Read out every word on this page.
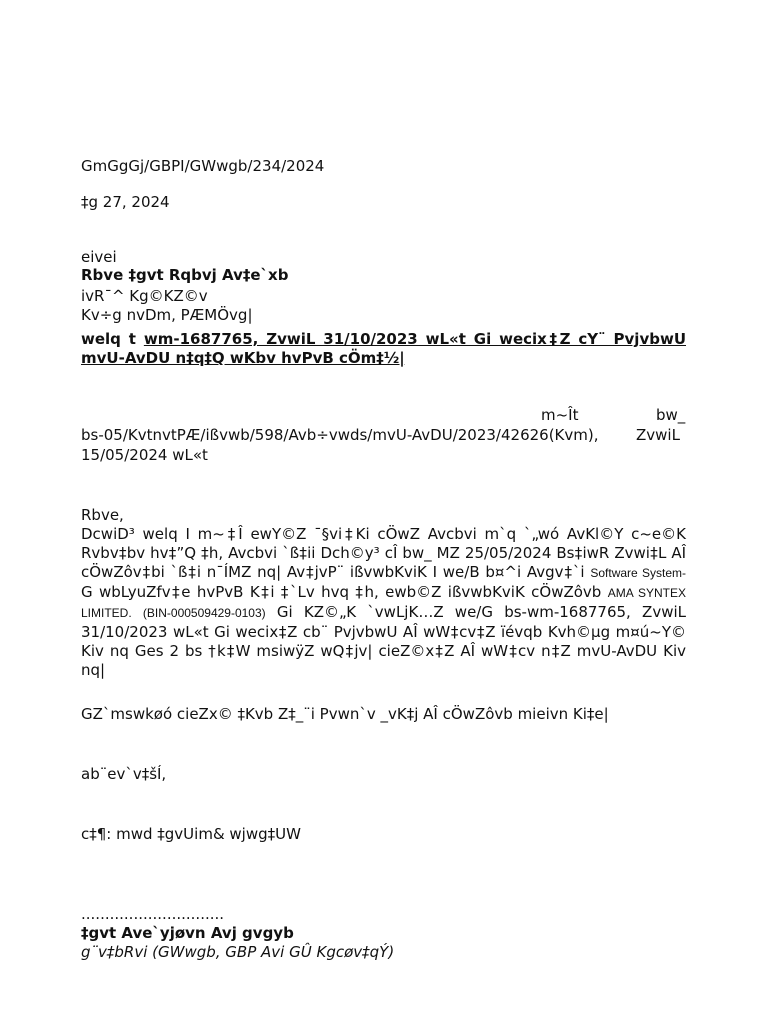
GmGgGj/GBPI/GWwgb/234/2024
‡g 27, 2024
eivei
Rbve ‡gvt Rqbvj Av‡e`xb
ivR¯^ Kg©KZ©v
Kv÷g nvDm, PÆMÖvg|
welq t wm-1687765, ZvwiL 31/10/2023 wL«t Gi wecix‡Z cY¨ PvjvbwU
mvU-AvDU n‡q‡Q wKbv hvPvB cÖm‡½|
m~Ît	bw_
bs-05/KvtnvtPÆ/ißvwb/598/Avb÷vwds/mvU-AvDU/2023/42626(Kvm),	ZvwiL
15/05/2024 wL«t
Rbve,
DcwiD³ welq I m~‡Î ewY©Z ¯§vi‡Ki cÖwZ Avcbvi m`q `„wó AvKl©Y c~e©K
Rvbv‡bv hv‡”Q ‡h, Avcbvi `ß‡ii Dch©y³ cÎ bw_ MZ 25/05/2024 Bs‡iwR Zvwi‡L AÎ
cÖwZôv‡bi `ß‡i n¯ÍMZ nq| Av‡jvP¨ ißvwbKviK I we/B b¤^i Avgv‡`i Software System-
G wbLyuZfv‡e hvPvB K‡i ‡`Lv hvq ‡h, ewb©Z ißvwbKviK cÖwZôvb AMA SYNTEX
LIMITED. (BIN-000509429-0103) Gi KZ©„K `vwLjK…Z we/G bs-wm-1687765, ZvwiL
31/10/2023 wL«t Gi wecix‡Z cb¨ PvjvbwU AÎ wW‡cv‡Z ïévqb Kvh©µg m¤ú~Y©
Kiv nq Ges 2 bs †k‡W msiwÿZ wQ‡jv| cieZ©x‡Z AÎ wW‡cv n‡Z mvU-AvDU Kiv
nq|
GZ`mswkøó cieZx© ‡Kvb Z‡_¨i Pvwn`v _vK‡j AÎ cÖwZôvb mieivn Ki‡e|
ab¨ev`v‡šÍ,
c‡¶: mwd ‡gvUim& wjwg‡UW
..............................
‡gvt Ave`yjøvn Avj gvgyb
g¨v‡bRvi (GWwgb, GBP Avi GÛ Kgcøv‡qÝ)
